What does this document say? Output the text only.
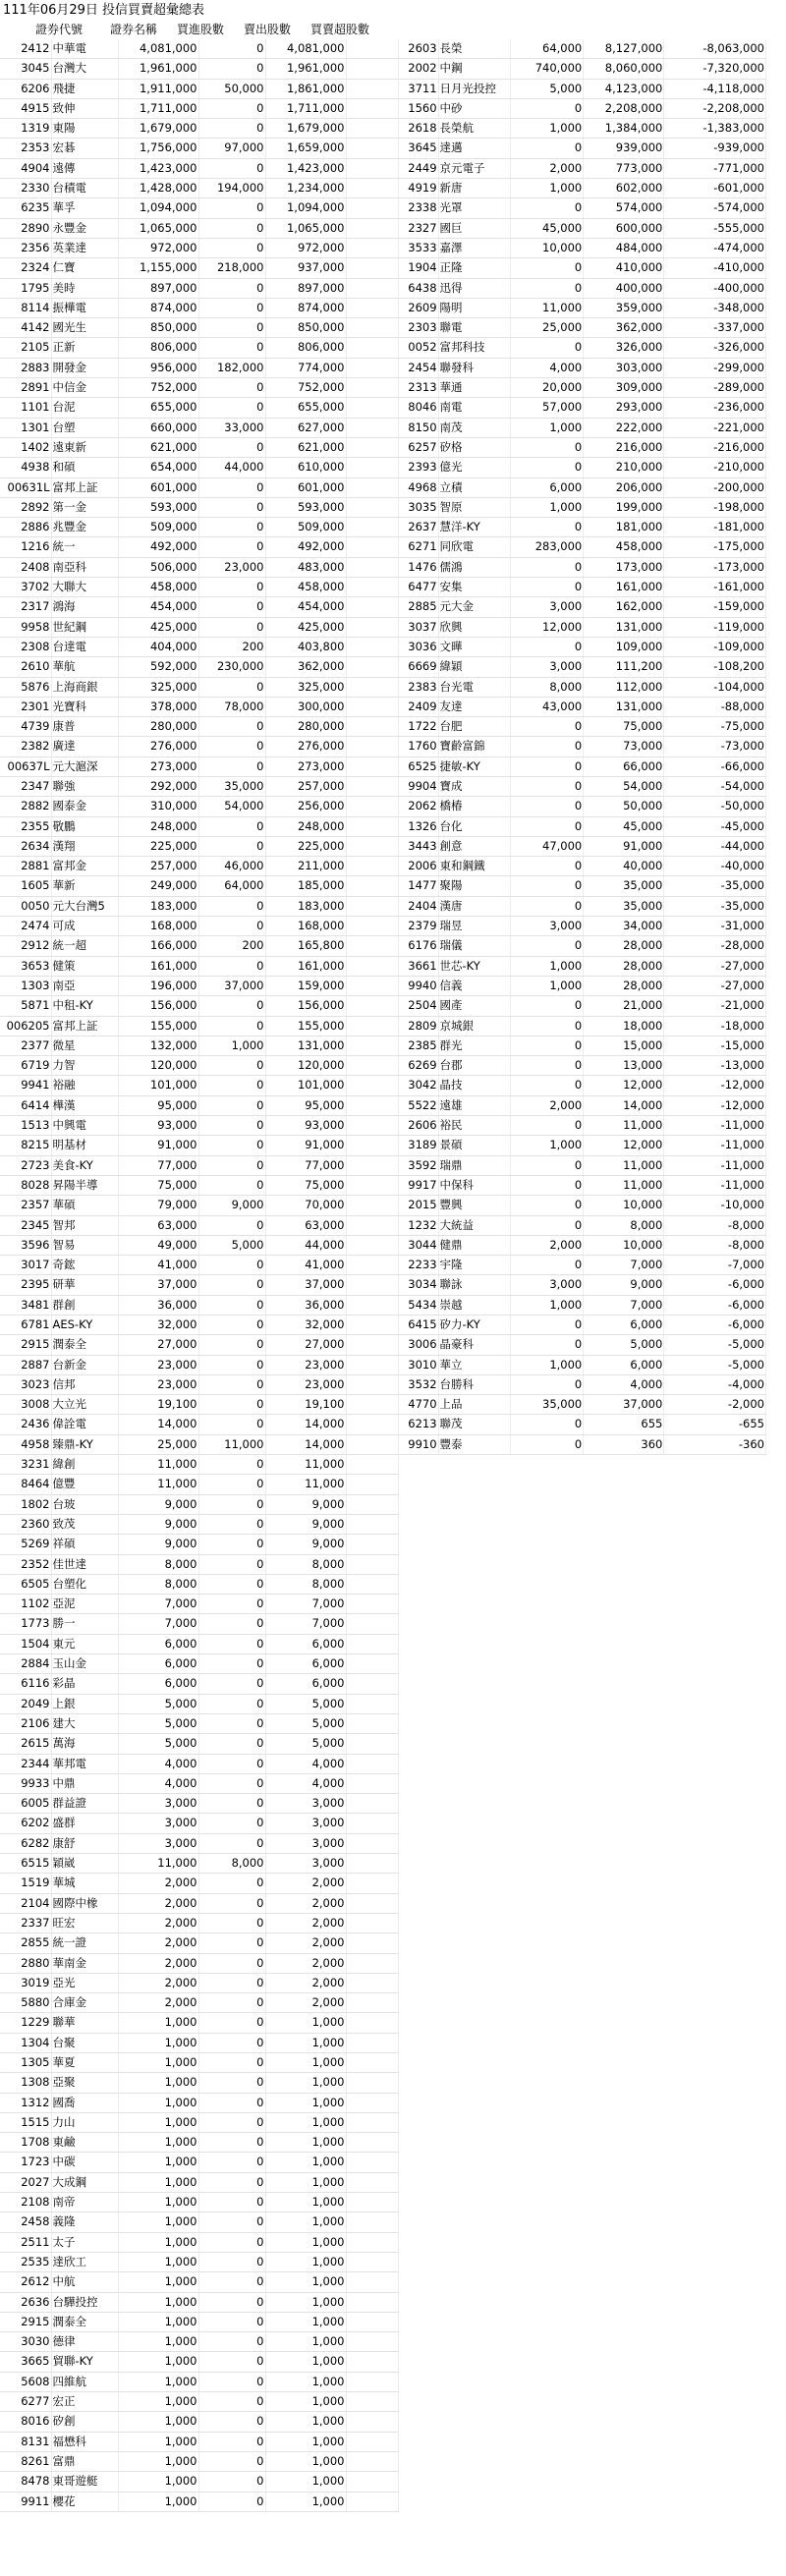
111年06月29日 投信買賣超彙總表
證券代號 證券名稱 買進股數 賣出股數 買賣超股數
2412	中華電	4,081,000	0	4,081,000	
3045	台灣大	1,961,000	0	1,961,000	
6206	飛捷	1,911,000	50,000	1,861,000	
4915	致伸	1,711,000	0	1,711,000	
1319	東陽	1,679,000	0	1,679,000	
2353	宏碁	1,756,000	97,000	1,659,000	
4904	遠傳	1,423,000	0	1,423,000	
2330	台積電	1,428,000	194,000	1,234,000	
6235	華孚	1,094,000	0	1,094,000	
2890	永豐金	1,065,000	0	1,065,000	
2356	英業達	972,000	0	972,000	
2324	仁寶	1,155,000	218,000	937,000	
1795	美時	897,000	0	897,000	
8114	振樺電	874,000	0	874,000	
4142	國光生	850,000	0	850,000	
2105	正新	806,000	0	806,000	
2883	開發金	956,000	182,000	774,000	
2891	中信金	752,000	0	752,000	
1101	台泥	655,000	0	655,000	
1301	台塑	660,000	33,000	627,000	
1402	遠東新	621,000	0	621,000	
4938	和碩	654,000	44,000	610,000	
00631L	富邦上証	601,000	0	601,000	
2892	第一金	593,000	0	593,000	
2886	兆豐金	509,000	0	509,000	
1216	統一	492,000	0	492,000	
2408	南亞科	506,000	23,000	483,000	
3702	大聯大	458,000	0	458,000	
2317	鴻海	454,000	0	454,000	
9958	世紀鋼	425,000	0	425,000	
2308	台達電	404,000	200	403,800	
2610	華航	592,000	230,000	362,000	
5876	上海商銀	325,000	0	325,000	
2301	光寶科	378,000	78,000	300,000	
4739	康普	280,000	0	280,000	
2382	廣達	276,000	0	276,000	
00637L	元大滬深	273,000	0	273,000	
2347	聯強	292,000	35,000	257,000	
2882	國泰金	310,000	54,000	256,000	
2355	敬鵬	248,000	0	248,000	
2634	漢翔	225,000	0	225,000	
2881	富邦金	257,000	46,000	211,000	
1605	華新	249,000	64,000	185,000	
0050	元大台灣5	183,000	0	183,000	
2474	可成	168,000	0	168,000	
2912	統一超	166,000	200	165,800	
3653	健策	161,000	0	161,000	
1303	南亞	196,000	37,000	159,000	
5871	中租-KY	156,000	0	156,000	
006205	富邦上証	155,000	0	155,000	
2377	微星	132,000	1,000	131,000	
6719	力智	120,000	0	120,000	
9941	裕融	101,000	0	101,000	
6414	樺漢	95,000	0	95,000	
1513	中興電	93,000	0	93,000	
8215	明基材	91,000	0	91,000	
2723	美食-KY	77,000	0	77,000	
8028	昇陽半導	75,000	0	75,000	
2357	華碩	79,000	9,000	70,000	
2345	智邦	63,000	0	63,000	
3596	智易	49,000	5,000	44,000	
3017	奇鋐	41,000	0	41,000	
2395	研華	37,000	0	37,000	
3481	群創	36,000	0	36,000	
6781	AES-KY	32,000	0	32,000	
2915	潤泰全	27,000	0	27,000	
2887	台新金	23,000	0	23,000	
3023	信邦	23,000	0	23,000	
3008	大立光	19,100	0	19,100	
2436	偉詮電	14,000	0	14,000	
4958	臻鼎-KY	25,000	11,000	14,000	
3231	緯創	11,000	0	11,000	
8464	億豐	11,000	0	11,000	
1802	台玻	9,000	0	9,000	
2360	致茂	9,000	0	9,000	
5269	祥碩	9,000	0	9,000	
2352	佳世達	8,000	0	8,000	
6505	台塑化	8,000	0	8,000	
1102	亞泥	7,000	0	7,000	
1773	勝一	7,000	0	7,000	
1504	東元	6,000	0	6,000	
2884	玉山金	6,000	0	6,000	
6116	彩晶	6,000	0	6,000	
2049	上銀	5,000	0	5,000	
2106	建大	5,000	0	5,000	
2615	萬海	5,000	0	5,000	
2344	華邦電	4,000	0	4,000	
9933	中鼎	4,000	0	4,000	
6005	群益證	3,000	0	3,000	
6202	盛群	3,000	0	3,000	
6282	康舒	3,000	0	3,000	
6515	穎崴	11,000	8,000	3,000	
1519	華城	2,000	0	2,000	
2104	國際中橡	2,000	0	2,000	
2337	旺宏	2,000	0	2,000	
2855	統一證	2,000	0	2,000	
2880	華南金	2,000	0	2,000	
3019	亞光	2,000	0	2,000	
5880	合庫金	2,000	0	2,000	
1229	聯華	1,000	0	1,000	
1304	台聚	1,000	0	1,000	
1305	華夏	1,000	0	1,000	
1308	亞聚	1,000	0	1,000	
1312	國喬	1,000	0	1,000	
1515	力山	1,000	0	1,000	
1708	東鹼	1,000	0	1,000	
1723	中碳	1,000	0	1,000	
2027	大成鋼	1,000	0	1,000	
2108	南帝	1,000	0	1,000	
2458	義隆	1,000	0	1,000	
2511	太子	1,000	0	1,000	
2535	達欣工	1,000	0	1,000	
2612	中航	1,000	0	1,000	
2636	台驊投控	1,000	0	1,000	
2915	潤泰全	1,000	0	1,000	
3030	德律	1,000	0	1,000	
3665	貿聯-KY	1,000	0	1,000	
5608	四維航	1,000	0	1,000	
6277	宏正	1,000	0	1,000	
8016	矽創	1,000	0	1,000	
8131	福懋科	1,000	0	1,000	
8261	富鼎	1,000	0	1,000	
8478	東哥遊艇	1,000	0	1,000	
9911	櫻花	1,000	0	1,000	
2603	長榮	64,000	8,127,000	-8,063,000
2002	中鋼	740,000	8,060,000	-7,320,000
3711	日月光投控	5,000	4,123,000	-4,118,000
1560	中砂	0	2,208,000	-2,208,000
2618	長榮航	1,000	1,384,000	-1,383,000
3645	達邁	0	939,000	-939,000
2449	京元電子	2,000	773,000	-771,000
4919	新唐	1,000	602,000	-601,000
2338	光罩	0	574,000	-574,000
2327	國巨	45,000	600,000	-555,000
3533	嘉澤	10,000	484,000	-474,000
1904	正隆	0	410,000	-410,000
6438	迅得	0	400,000	-400,000
2609	陽明	11,000	359,000	-348,000
2303	聯電	25,000	362,000	-337,000
0052	富邦科技	0	326,000	-326,000
2454	聯發科	4,000	303,000	-299,000
2313	華通	20,000	309,000	-289,000
8046	南電	57,000	293,000	-236,000
8150	南茂	1,000	222,000	-221,000
6257	矽格	0	216,000	-216,000
2393	億光	0	210,000	-210,000
4968	立積	6,000	206,000	-200,000
3035	智原	1,000	199,000	-198,000
2637	慧洋-KY	0	181,000	-181,000
6271	同欣電	283,000	458,000	-175,000
1476	儒鴻	0	173,000	-173,000
6477	安集	0	161,000	-161,000
2885	元大金	3,000	162,000	-159,000
3037	欣興	12,000	131,000	-119,000
3036	文曄	0	109,000	-109,000
6669	緯穎	3,000	111,200	-108,200
2383	台光電	8,000	112,000	-104,000
2409	友達	43,000	131,000	-88,000
1722	台肥	0	75,000	-75,000
1760	寶齡富錦	0	73,000	-73,000
6525	捷敏-KY	0	66,000	-66,000
9904	寶成	0	54,000	-54,000
2062	橋椿	0	50,000	-50,000
1326	台化	0	45,000	-45,000
3443	創意	47,000	91,000	-44,000
2006	東和鋼鐵	0	40,000	-40,000
1477	聚陽	0	35,000	-35,000
2404	漢唐	0	35,000	-35,000
2379	瑞昱	3,000	34,000	-31,000
6176	瑞儀	0	28,000	-28,000
3661	世芯-KY	1,000	28,000	-27,000
9940	信義	1,000	28,000	-27,000
2504	國產	0	21,000	-21,000
2809	京城銀	0	18,000	-18,000
2385	群光	0	15,000	-15,000
6269	台郡	0	13,000	-13,000
3042	晶技	0	12,000	-12,000
5522	遠雄	2,000	14,000	-12,000
2606	裕民	0	11,000	-11,000
3189	景碩	1,000	12,000	-11,000
3592	瑞鼎	0	11,000	-11,000
9917	中保科	0	11,000	-11,000
2015	豐興	0	10,000	-10,000
1232	大統益	0	8,000	-8,000
3044	健鼎	2,000	10,000	-8,000
2233	宇隆	0	7,000	-7,000
3034	聯詠	3,000	9,000	-6,000
5434	崇越	1,000	7,000	-6,000
6415	矽力-KY	0	6,000	-6,000
3006	晶豪科	0	5,000	-5,000
3010	華立	1,000	6,000	-5,000
3532	台勝科	0	4,000	-4,000
4770	上品	35,000	37,000	-2,000
6213	聯茂	0	655	-655
9910	豐泰	0	360	-360
